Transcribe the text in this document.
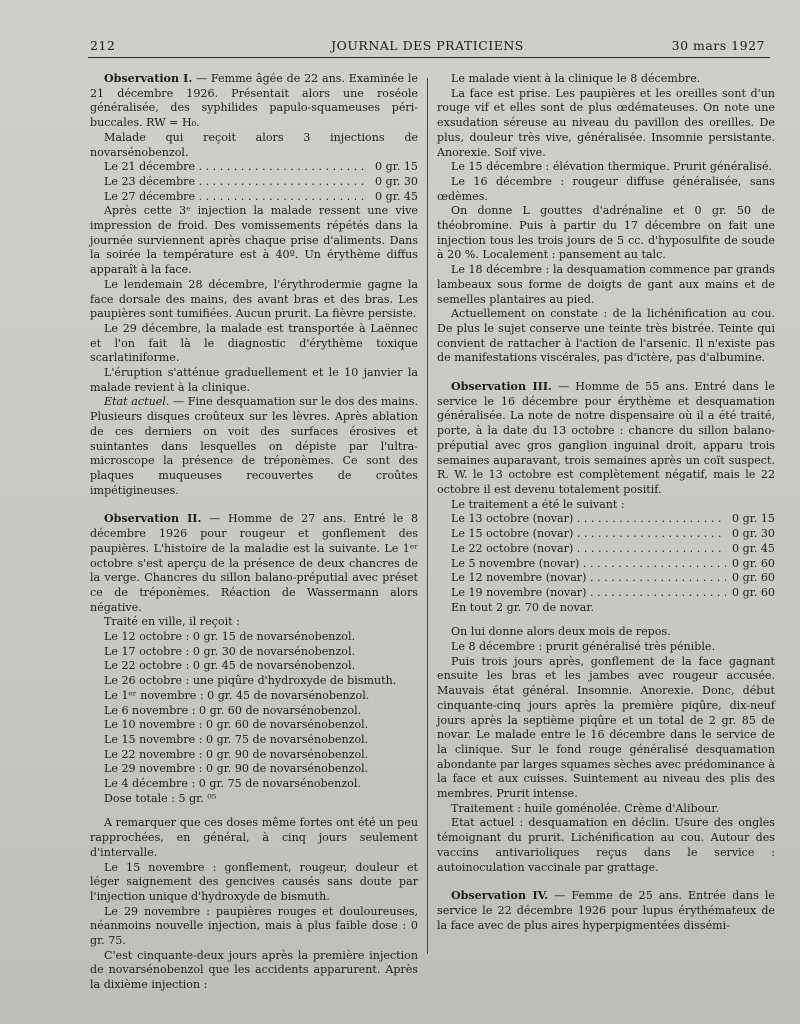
212	JOURNAL DES PRATICIENS	30 mars 1927

Observation I. — Femme âgée de 22 ans. Examinée le 21 décembre 1926. Présentait alors une roséole généralisée, des syphilides papulo-squameuses péri-buccales. RW = H₀.

Malade qui reçoit alors 3 injections de novarsénobenzol.

Le 21 décembre . . .	0 gr. 15
Le 23 décembre . . .	0 gr. 30
Le 27 décembre . . .	0 gr. 45

Après cette 3ᵉ injection la malade ressent une vive impression de froid. Des vomissements répétés dans la journée surviennent après chaque prise d'aliments. Dans la soirée la température est à 40º. Un érythème diffus apparaît à la face.

Le lendemain 28 décembre, l'érythrodermie gagne la face dorsale des mains, des avant bras et des bras. Les paupières sont tumifiées. Aucun prurit. La fièvre persiste.

Le 29 décembre, la malade est transportée à Laënnec et l'on fait là le diagnostic d'érythème toxique scarlatiniforme.

L'éruption s'atténue graduellement et le 10 janvier la malade revient à la clinique.

Etat actuel. — Fine desquamation sur le dos des mains. Plusieurs disques croûteux sur les lèvres. Après ablation de ces derniers on voit des surfaces érosives et suintantes dans lesquelles on dépiste par l'ultra-microscope la présence de tréponèmes. Ce sont des plaques muqueuses recouvertes de croûtes impétigineuses.

Observation II. — Homme de 27 ans. Entré le 8 décembre 1926 pour rougeur et gonflement des paupières. L'histoire de la maladie est la suivante. Le 1ᵉʳ octobre s'est aperçu de la présence de deux chancres de la verge. Chancres du sillon balano-préputial avec préset ce de tréponèmes. Réaction de Wassermann alors négative.

Traité en ville, il reçoit :

Le 12 octobre : 0 gr. 15 de novarsénobenzol.
Le 17 octobre : 0 gr. 30 de novarsénobenzol.
Le 22 octobre : 0 gr. 45 de novarsénobenzol.
Le 26 octobre : une piqûre d'hydroxyde de bismuth.
Le 1ᵉʳ novembre : 0 gr. 45 de novarsénobenzol.
Le 6 novembre : 0 gr. 60 de novarsénobenzol.
Le 10 novembre : 0 gr. 60 de novarsénobenzol.
Le 15 novembre : 0 gr. 75 de novarsénobenzol.
Le 22 novembre : 0 gr. 90 de novarsénobenzol.
Le 29 novembre : 0 gr. 90 de novarsénobenzol.
Le 4 décembre : 0 gr. 75 de novarsénobenzol.
Dose totale : 5 gr. ⁰⁵

A remarquer que ces doses même fortes ont été un peu rapprochées, en général, à cinq jours seulement d'intervalle.

Le 15 novembre : gonflement, rougeur, douleur et léger saignement des gencives causés sans doute par l'injection unique d'hydroxyde de bismuth.

Le 29 novembre : paupières rouges et douloureuses, néanmoins nouvelle injection, mais à plus faible dose : 0 gr. 75.

C'est cinquante-deux jours après la première injection de novarsénobenzol que les accidents apparurent. Après la dixième injection :

Le malade vient à la clinique le 8 décembre.

La face est prise. Les paupières et les oreilles sont d'un rouge vif et elles sont de plus œdémateuses. On note une exsudation séreuse au niveau du pavillon des oreilles. De plus, douleur très vive, généralisée. Insomnie persistante. Anorexie. Soif vive.

Le 15 décembre : élévation thermique. Prurit généralisé.

Le 16 décembre : rougeur diffuse généralisée, sans œdèmes.

On donne L gouttes d'adrénaline et 0 gr. 50 de théobromine. Puis à partir du 17 décembre on fait une injection tous les trois jours de 5 cc. d'hyposulfite de soude à 20 %. Localement : pansement au talc.

Le 18 décembre : la desquamation commence par grands lambeaux sous forme de doigts de gant aux mains et de semelles plantaires au pied.

Actuellement on constate : de la lichénification au cou. De plus le sujet conserve une teinte très bistrée. Teinte qui convient de rattacher à l'action de l'arsenic. Il n'existe pas de manifestations viscérales, pas d'ictère, pas d'albumine.

Observation III. — Homme de 55 ans. Entré dans le service le 16 décembre pour érythème et desquamation généralisée. La note de notre dispensaire où il a été traité, porte, à la date du 13 octobre : chancre du sillon balano-préputial avec gros ganglion inguinal droit, apparu trois semaines auparavant, trois semaines après un coït suspect. R. W. le 13 octobre est complètement négatif, mais le 22 octobre il est devenu totalement positif.

Le traitement a été le suivant :

Le 13 octobre (novar) . . .	0 gr. 15
Le 15 octobre (novar) . . .	0 gr. 30
Le 22 octobre (novar) . . .	0 gr. 45
Le 5 novembre (novar) . . .	0 gr. 60
Le 12 novembre (novar) . . .	0 gr. 60
Le 19 novembre (novar) . . .	0 gr. 60
En tout 2 gr. 70 de novar.

On lui donne alors deux mois de repos.

Le 8 décembre : prurit généralisé très pénible.

Puis trois jours après, gonflement de la face gagnant ensuite les bras et les jambes avec rougeur accusée. Mauvais état général. Insomnie. Anorexie. Donc, début cinquante-cinq jours après la première piqûre, dix-neuf jours après la septième piqûre et un total de 2 gr. 85 de novar. Le malade entre le 16 décembre dans le service de la clinique. Sur le fond rouge généralisé desquamation abondante par larges squames sèches avec prédominance à la face et aux cuisses. Suintement au niveau des plis des membres. Prurit intense.

Traitement : huile goménolée. Crème d'Alibour.

Etat actuel : desquamation en déclin. Usure des ongles témoignant du prurit. Lichénification au cou. Autour des vaccins antivarioliques reçus dans le service : autoinoculation vaccinale par grattage.

Observation IV. — Femme de 25 ans. Entrée dans le service le 22 décembre 1926 pour lupus érythémateux de la face avec de plus aires hyperpigmentées dissémi-
